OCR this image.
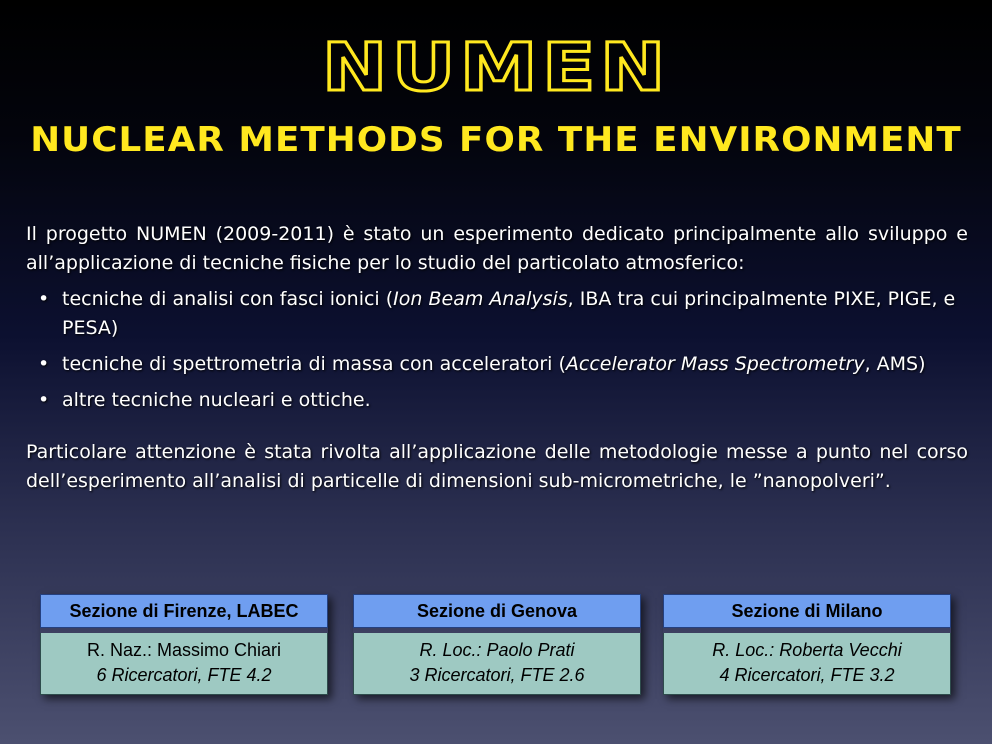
NUMEN
NUCLEAR METHODS FOR THE ENVIRONMENT
Il progetto NUMEN (2009-2011) è stato un esperimento dedicato principalmente allo sviluppo e all’applicazione di tecniche fisiche per lo studio del particolato atmosferico:
• tecniche di analisi con fasci ionici (Ion Beam Analysis, IBA tra cui principalmente PIXE, PIGE, e PESA)
• tecniche di spettrometria di massa con acceleratori (Accelerator Mass Spectrometry, AMS)
• altre tecniche nucleari e ottiche.
Particolare attenzione è stata rivolta all’applicazione delle metodologie messe a punto nel corso dell’esperimento all’analisi di particelle di dimensioni sub-micrometriche, le ”nanopolveri”.
Sezione di Firenze, LABEC
R. Naz.: Massimo Chiari
6 Ricercatori, FTE 4.2
Sezione di Genova
R. Loc.: Paolo Prati
3 Ricercatori, FTE 2.6
Sezione di Milano
R. Loc.: Roberta Vecchi
4 Ricercatori, FTE 3.2
